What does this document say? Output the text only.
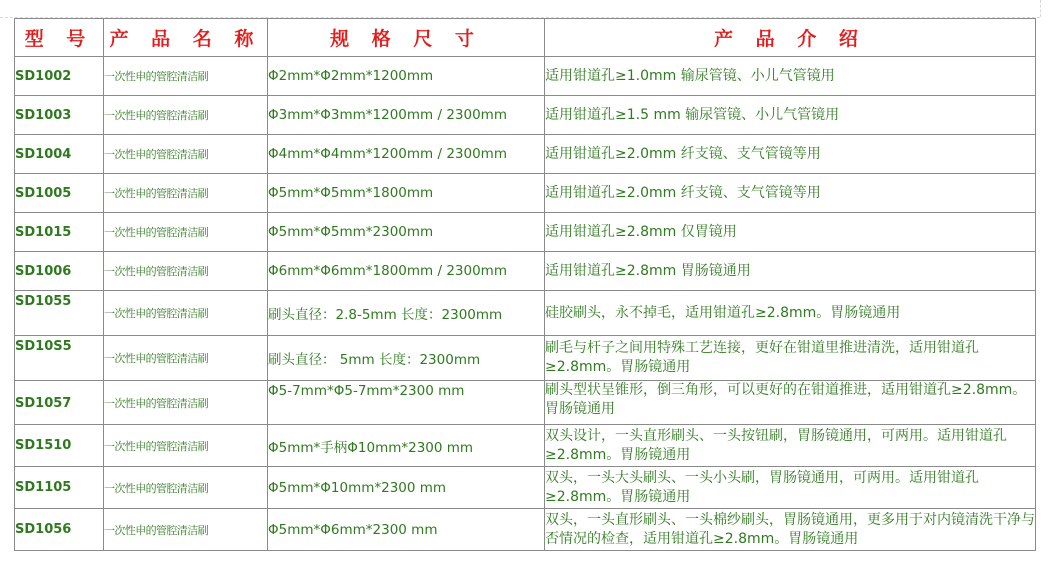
型 号	产 品 名 称	规 格 尺 寸	产 品 介 绍
SD1002	一次性申的管腔清洁刷	Φ2mm*Φ2mm*1200mm	适用钳道孔≥1.0mm 输尿管镜、小儿气管镜用
SD1003	一次性申的管腔清洁刷	Φ3mm*Φ3mm*1200mm / 2300mm	适用钳道孔≥1.5 mm 输尿管镜、小儿气管镜用
SD1004	一次性申的管腔清洁刷	Φ4mm*Φ4mm*1200mm / 2300mm	适用钳道孔≥2.0mm 纤支镜、支气管镜等用
SD1005	一次性申的管腔清洁刷	Φ5mm*Φ5mm*1800mm	适用钳道孔≥2.0mm 纤支镜、支气管镜等用
SD1015	一次性申的管腔清洁刷	Φ5mm*Φ5mm*2300mm	适用钳道孔≥2.8mm 仅胃镜用
SD1006	一次性申的管腔清洁刷	Φ6mm*Φ6mm*1800mm / 2300mm	适用钳道孔≥2.8mm 胃肠镜通用
SD1055	一次性申的管腔清洁刷	刷头直径：2.8-5mm 长度：2300mm	硅胶刷头，永不掉毛，适用钳道孔≥2.8mm。胃肠镜通用
SD10S5	一次性申的管腔清洁刷	刷头直径： 5mm 长度：2300mm	刷毛与杆子之间用特殊工艺连接，更好在钳道里推进清洗，适用钳道孔≥2.8mm。胃肠镜通用
SD1057	一次性申的管腔清洁刷	Φ5-7mm*Φ5-7mm*2300 mm	刷头型状呈锥形，倒三角形，可以更好的在钳道推进，适用钳道孔≥2.8mm。胃肠镜通用
SD1510	一次性申的管腔清洁刷	Φ5mm*手柄Φ10mm*2300 mm	双头设计，一头直形刷头、一头按钮刷，胃肠镜通用，可两用。适用钳道孔≥2.8mm。胃肠镜通用
SD1105	一次性申的管腔清洁刷	Φ5mm*Φ10mm*2300 mm	双头，一头大头刷头、一头小头刷，胃肠镜通用，可两用。适用钳道孔≥2.8mm。胃肠镜通用
SD1056	一次性申的管腔清洁刷	Φ5mm*Φ6mm*2300 mm	双头，一头直形刷头、一头棉纱刷头，胃肠镜通用，更多用于对内镜清洗干净与否情况的检查，适用钳道孔≥2.8mm。胃肠镜通用
